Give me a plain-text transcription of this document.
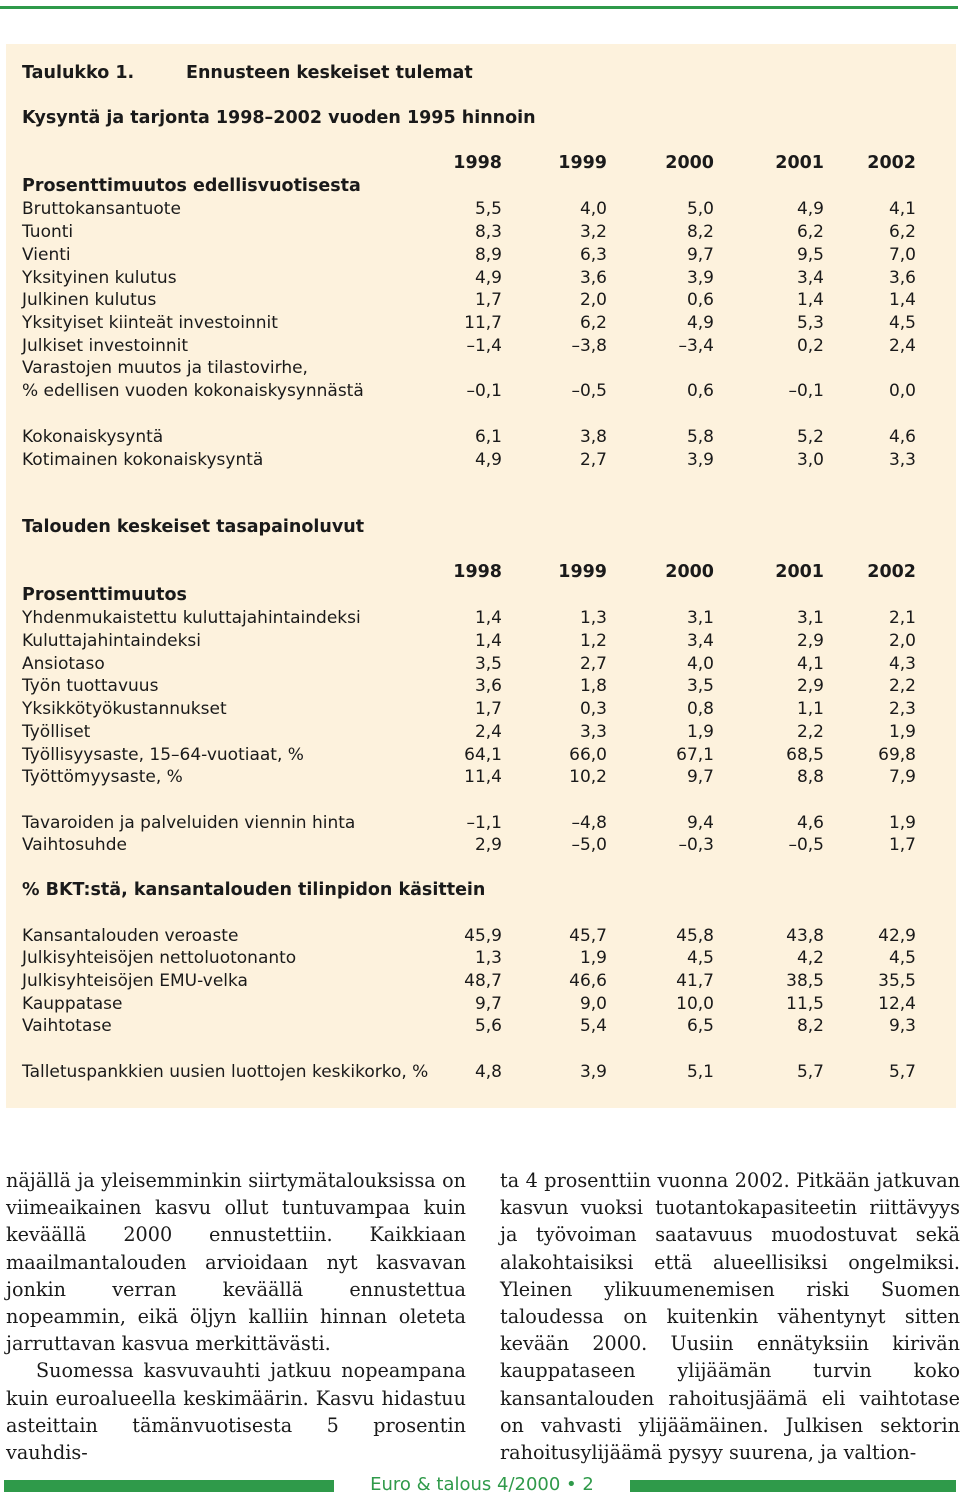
Taulukko 1.	Ennusteen keskeiset tulemat
Kysyntä ja tarjonta 1998–2002 vuoden 1995 hinnoin
1998	1999	2000	2001	2002
Prosenttimuutos edellisvuotisesta
Bruttokansantuote	5,5	4,0	5,0	4,9	4,1
Tuonti	8,3	3,2	8,2	6,2	6,2
Vienti	8,9	6,3	9,7	9,5	7,0
Yksityinen kulutus	4,9	3,6	3,9	3,4	3,6
Julkinen kulutus	1,7	2,0	0,6	1,4	1,4
Yksityiset kiinteät investoinnit	11,7	6,2	4,9	5,3	4,5
Julkiset investoinnit	–1,4	–3,8	–3,4	0,2	2,4
Varastojen muutos ja tilastovirhe,
% edellisen vuoden kokonaiskysynnästä	–0,1	–0,5	0,6	–0,1	0,0
Kokonaiskysyntä	6,1	3,8	5,8	5,2	4,6
Kotimainen kokonaiskysyntä	4,9	2,7	3,9	3,0	3,3
Talouden keskeiset tasapainoluvut
1998	1999	2000	2001	2002
Prosenttimuutos
Yhdenmukaistettu kuluttajahintaindeksi	1,4	1,3	3,1	3,1	2,1
Kuluttajahintaindeksi	1,4	1,2	3,4	2,9	2,0
Ansiotaso	3,5	2,7	4,0	4,1	4,3
Työn tuottavuus	3,6	1,8	3,5	2,9	2,2
Yksikkötyökustannukset	1,7	0,3	0,8	1,1	2,3
Työlliset	2,4	3,3	1,9	2,2	1,9
Työllisyysaste, 15–64-vuotiaat, %	64,1	66,0	67,1	68,5	69,8
Työttömyysaste, %	11,4	10,2	9,7	8,8	7,9
Tavaroiden ja palveluiden viennin hinta	–1,1	–4,8	9,4	4,6	1,9
Vaihtosuhde	2,9	–5,0	–0,3	–0,5	1,7
% BKT:stä, kansantalouden tilinpidon käsittein
Kansantalouden veroaste	45,9	45,7	45,8	43,8	42,9
Julkisyhteisöjen nettoluotonanto	1,3	1,9	4,5	4,2	4,5
Julkisyhteisöjen EMU-velka	48,7	46,6	41,7	38,5	35,5
Kauppatase	9,7	9,0	10,0	11,5	12,4
Vaihtotase	5,6	5,4	6,5	8,2	9,3
Talletuspankkien uusien luottojen keskikorko, %	4,8	3,9	5,1	5,7	5,7

näjällä ja yleisemminkin siirtymätalouksissa on viimeaikainen kasvu ollut tuntuvampaa kuin keväällä 2000 ennustettiin. Kaikkiaan maailmantalouden arvioidaan nyt kasvavan jonkin verran keväällä ennustettua nopeammin, eikä öljyn kalliin hinnan oleteta jarruttavan kasvua merkittävästi.

Suomessa kasvuvauhti jatkuu nopeampana kuin euroalueella keskimäärin. Kasvu hidastuu asteittain tämänvuotisesta 5 prosentin vauhdis-

ta 4 prosenttiin vuonna 2002. Pitkään jatkuvan kasvun vuoksi tuotantokapasiteetin riittävyys ja työvoiman saatavuus muodostuvat sekä alakohtaisiksi että alueellisiksi ongelmiksi. Yleinen ylikuumenemisen riski Suomen taloudessa on kuitenkin vähentynyt sitten kevään 2000. Uusiin ennätyksiin kirivän kauppataseen ylijäämän turvin koko kansantalouden rahoitusjäämä eli vaihtotase on vahvasti ylijäämäinen. Julkisen sektorin rahoitusylijäämä pysyy suurena, ja valtion-

Euro & talous 4/2000 • 2
